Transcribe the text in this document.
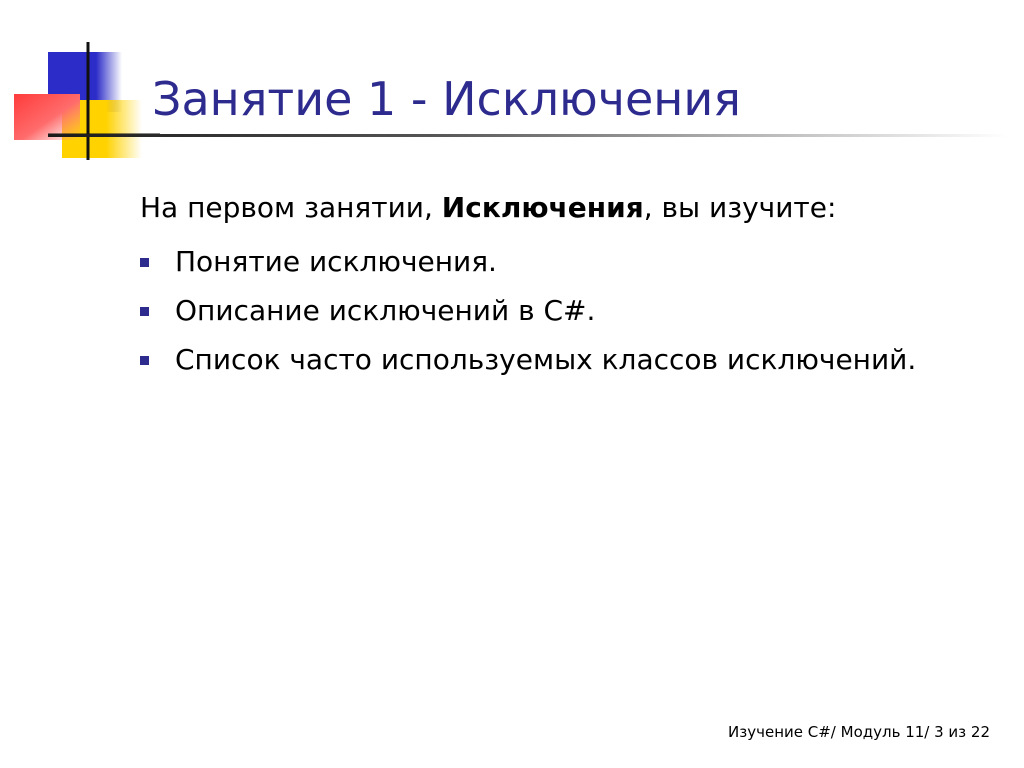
Занятие 1 - Исключения

На первом занятии, Исключения, вы изучите:

Понятие исключения.
Описание исключений в C#.
Список часто используемых классов исключений.
Изучение C#/ Модуль 11/ 3 из 22
